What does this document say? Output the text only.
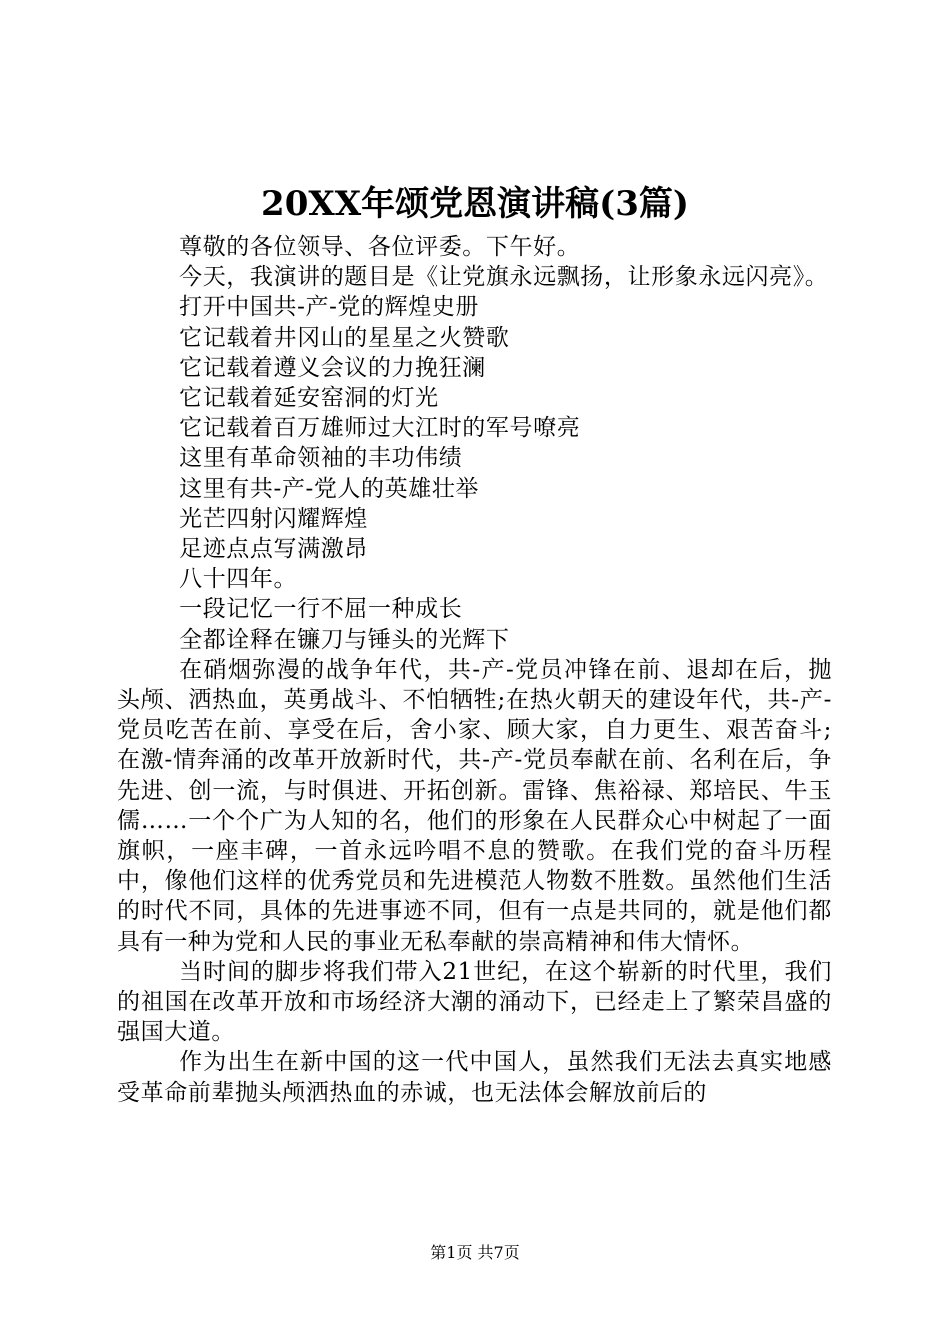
20XX年颂党恩演讲稿(3篇)

尊敬的各位领导、各位评委。下午好。

今天，我演讲的题目是《让党旗永远飘扬，让形象永远闪亮》。

打开中国共-产-党的辉煌史册

它记载着井冈山的星星之火赞歌

它记载着遵义会议的力挽狂澜

它记载着延安窑洞的灯光

它记载着百万雄师过大江时的军号嘹亮

这里有革命领袖的丰功伟绩

这里有共-产-党人的英雄壮举

光芒四射闪耀辉煌

足迹点点写满激昂

八十四年。

一段记忆一行不屈一种成长

全都诠释在镰刀与锤头的光辉下

在硝烟弥漫的战争年代，共-产-党员冲锋在前、退却在后，抛头颅、洒热血，英勇战斗、不怕牺牲;在热火朝天的建设年代，共-产-党员吃苦在前、享受在后，舍小家、顾大家，自力更生、艰苦奋斗;在激-情奔涌的改革开放新时代，共-产-党员奉献在前、名利在后，争先进、创一流，与时俱进、开拓创新。雷锋、焦裕禄、郑培民、牛玉儒……一个个广为人知的名，他们的形象在人民群众心中树起了一面旗帜，一座丰碑，一首永远吟唱不息的赞歌。在我们党的奋斗历程中，像他们这样的优秀党员和先进模范人物数不胜数。虽然他们生活的时代不同，具体的先进事迹不同，但有一点是共同的，就是他们都具有一种为党和人民的事业无私奉献的崇高精神和伟大情怀。

当时间的脚步将我们带入21世纪，在这个崭新的时代里，我们的祖国在改革开放和市场经济大潮的涌动下，已经走上了繁荣昌盛的强国大道。

作为出生在新中国的这一代中国人，虽然我们无法去真实地感受革命前辈抛头颅洒热血的赤诚，也无法体会解放前后的

第1页 共7页
